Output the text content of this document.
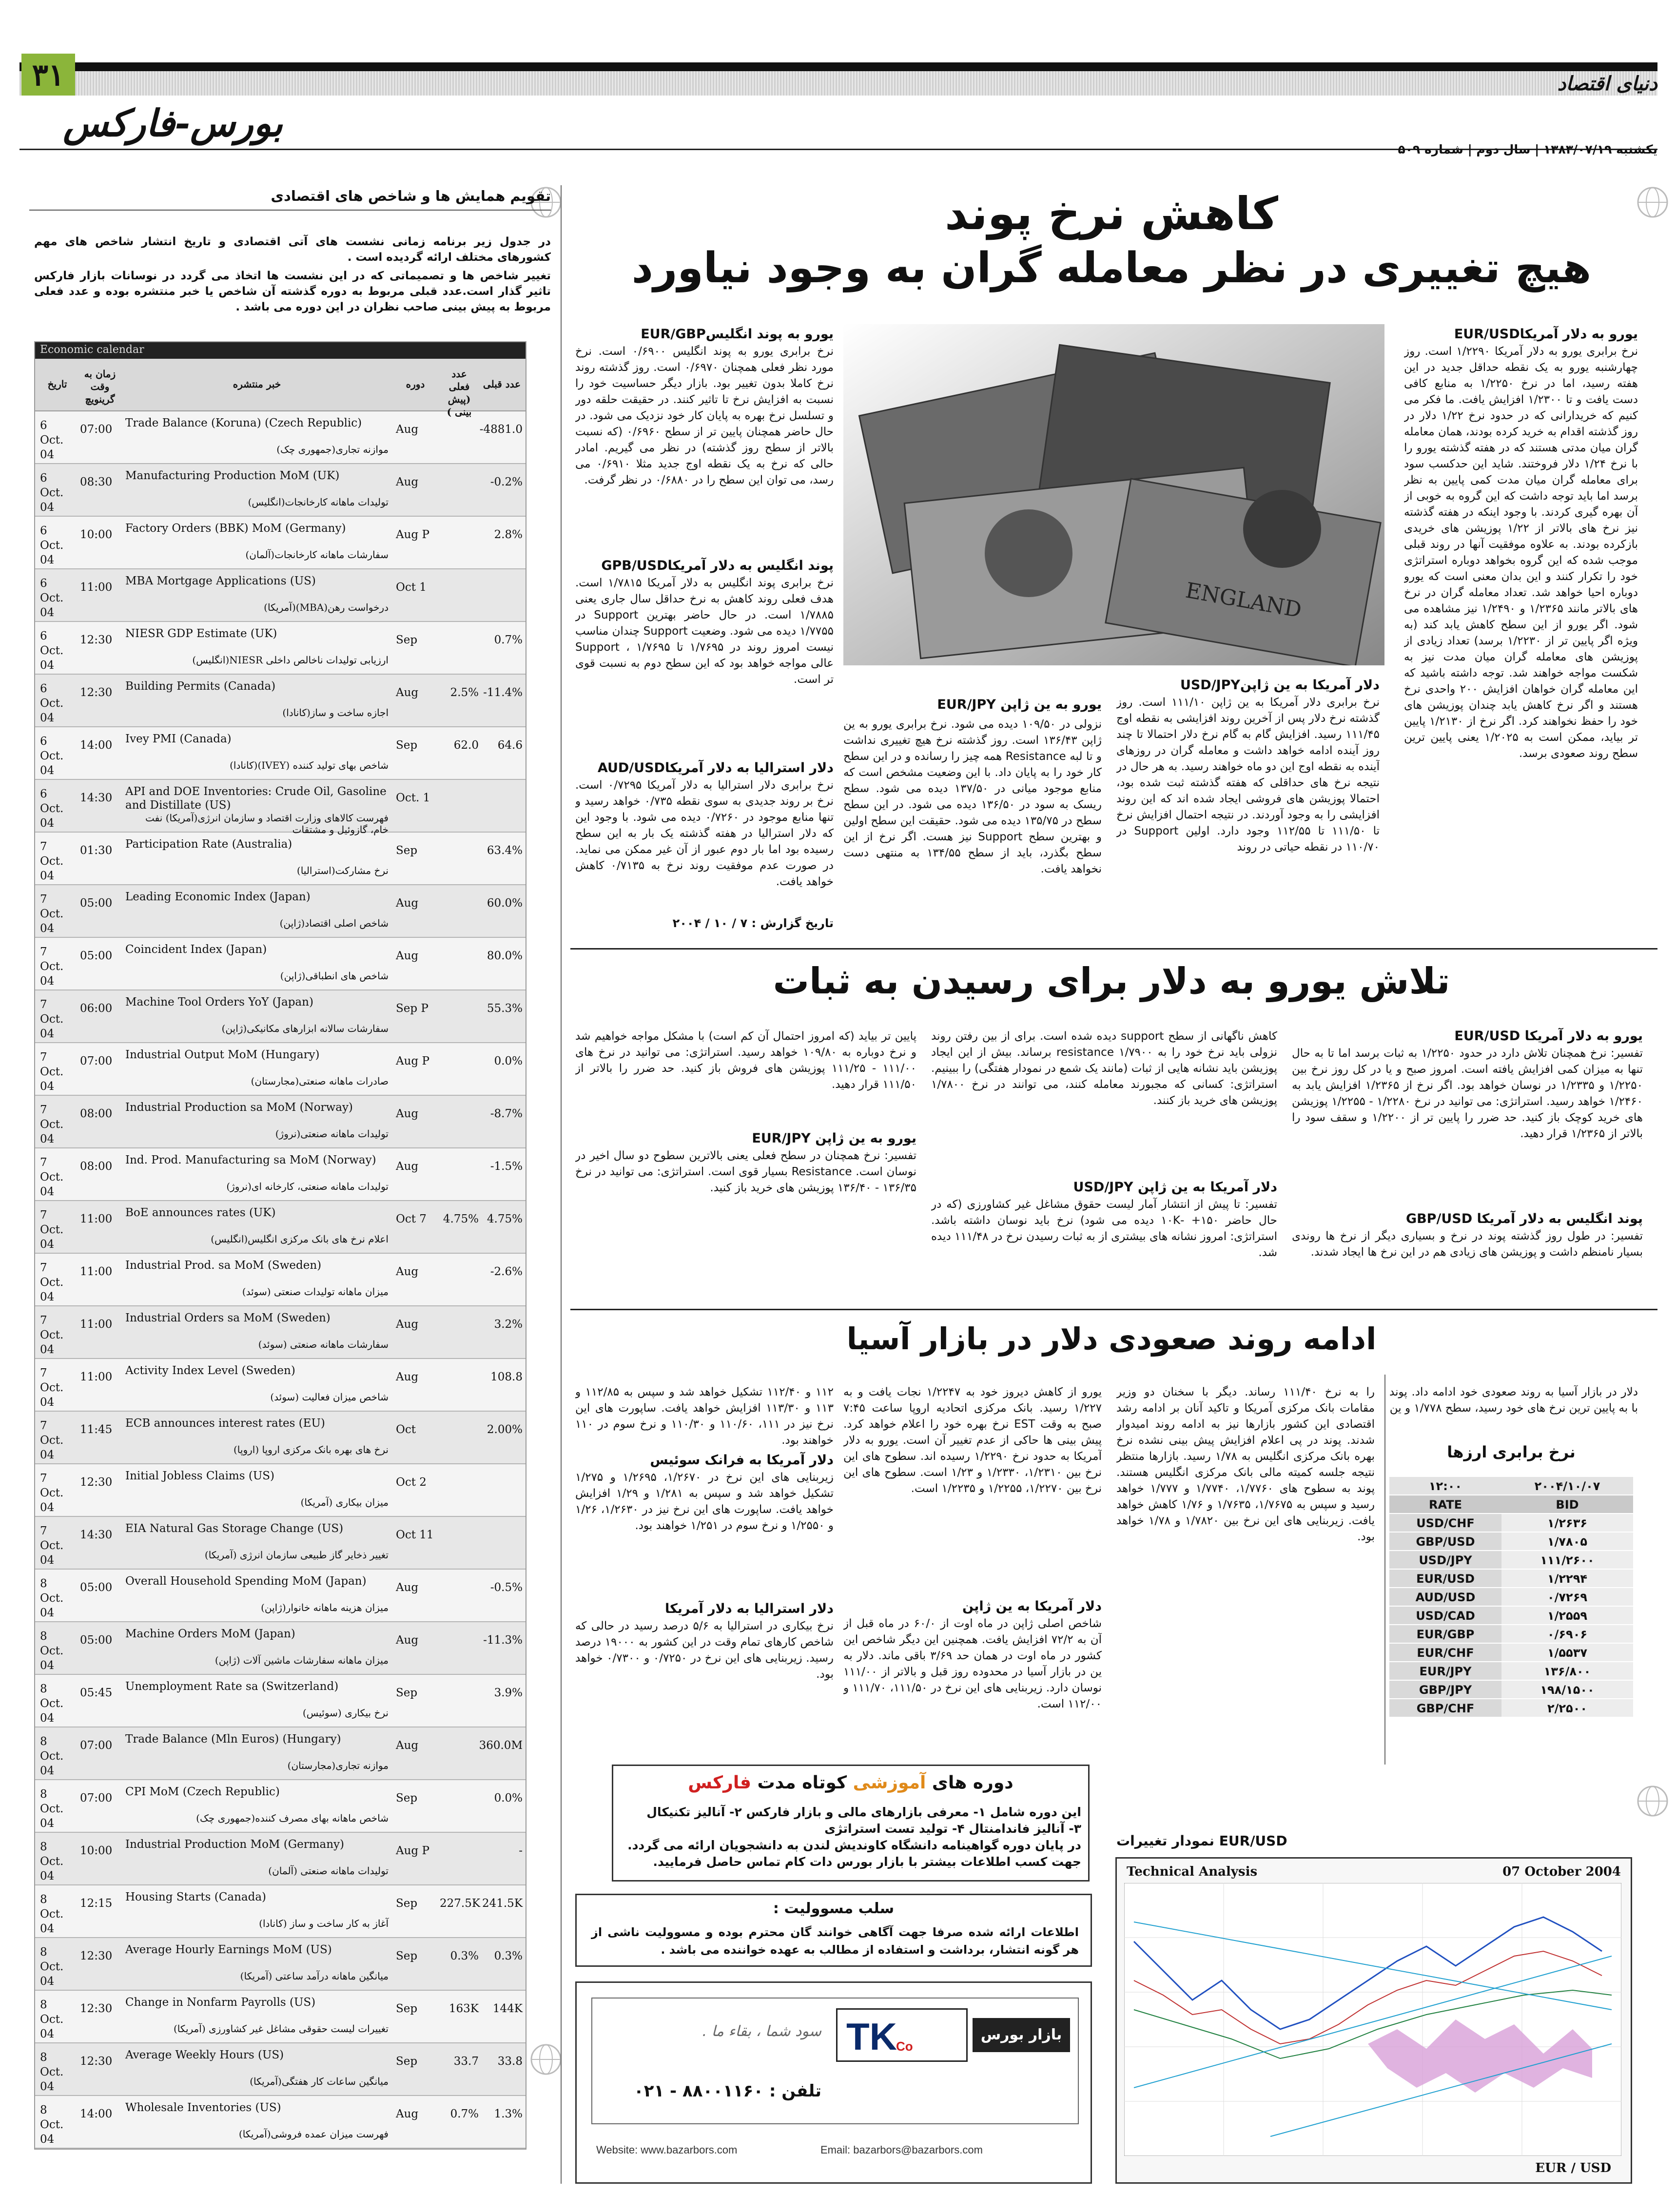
۳۱	دنیای اقتصاد
بورس-فارکس
یکشنبه ۱۳۸۳/۰۷/۱۹ | سال دوم | شماره ۵۰۹
تقویم همایش ها و شاخص های اقتصادی
در جدول زیر برنامه زمانی نشست های آتی اقتصادی و تاریخ انتشار شاخص های مهم کشورهای مختلف ارائه گردیده است .
تغییر شاخص ها و تصمیماتی که در این نشست ها اتخاذ می گردد در نوسانات بازار فارکس تاثیر گذار است.عدد قبلی مربوط به دوره گذشته آن شاخص یا خبر منتشره بوده و عدد فعلی مربوط به پیش بینی صاحب نظران در این دوره می باشد .
Economic calendar
تاریخ
زمان به وقت گرینویچ
خبر منتشره	دوره
عدد فعلی (پیش بینی )
عدد قبلی
6 Oct. 04
07:00	Trade Balance (Koruna) (Czech Republic)	Aug	-4881.0
موازنه تجاری(جمهوری چک)
6 Oct. 04
08:30	Manufacturing Production MoM (UK)	Aug	-0.2%
تولیدات ماهانه کارخانجات(انگلیس)
6 Oct. 04
10:00	Factory Orders (BBK) MoM (Germany)	Aug P	2.8%
سفارشات ماهانه کارخانجات(آلمان)
6 Oct. 04
11:00	MBA Mortgage Applications (US)	Oct 1
درخواست رهن(MBA)(آمریکا)
6 Oct. 04
12:30	NIESR GDP Estimate (UK)	Sep	0.7%
ارزیابی تولیدات ناخالص داخلی NIESR(انگلیس)
6 Oct. 04
12:30	Building Permits (Canada)	Aug	2.5% -11.4%
اجازه ساخت و ساز(کانادا)
6 Oct. 04
14:00	Ivey PMI (Canada)	Sep	62.0	64.6
شاخص بهای تولید کننده (IVEY)(کانادا)
6 Oct. 04
14:30	API and DOE Inventories: Crude Oil, Gasoline and Distillate (US)
Oct. 1
فهرست کالاهای وزارت اقتصاد و سازمان انرژی(آمریکا) نفت خام، گازوئیل و مشتقات
7 Oct. 04
01:30	Participation Rate (Australia)	Sep	63.4%
نرخ مشارکت(استرالیا)
7 Oct. 04
05:00	Leading Economic Index (Japan)	Aug	60.0%
شاخص اصلی اقتصاد(ژاپن)
7 Oct. 04
05:00	Coincident Index (Japan)	Aug	80.0%
شاخص های انطباقی(ژاپن)
7 Oct. 04
06:00	Machine Tool Orders YoY (Japan)	Sep P	55.3%
سفارشات سالانه ابزارهای مکانیکی(ژاپن)
7 Oct. 04
07:00	Industrial Output MoM (Hungary)	Aug P	0.0%
صادرات ماهانه صنعتی(مجارستان)
7 Oct. 04
08:00	Industrial Production sa MoM (Norway)	Aug	-8.7%
تولیدات ماهانه صنعتی(نروژ)
7 Oct. 04
08:00	Ind. Prod. Manufacturing sa MoM (Norway)	Aug	-1.5%
تولیدات ماهانه صنعتی، کارخانه ای(نروژ)
7 Oct. 04
11:00	BoE announces rates (UK)	Oct 7	4.75% 4.75%
اعلام نرخ های بانک مرکزی انگلیس(انگلیس)
7 Oct. 04
11:00	Industrial Prod. sa MoM (Sweden)	Aug	-2.6%
میزان ماهانه تولیدات صنعتی (سوئد)
7 Oct. 04
11:00	Industrial Orders sa MoM (Sweden)	Aug	3.2%
سفارشات ماهانه صنعتی (سوئد)
7 Oct. 04
11:00	Activity Index Level (Sweden)	Aug	108.8
شاخص میزان فعالیت (سوئد)
7 Oct. 04
11:45	ECB announces interest rates (EU)	Oct	2.00%
نرخ های بهره بانک مرکزی اروپا (اروپا)
7 Oct. 04
12:30	Initial Jobless Claims (US)	Oct 2
میزان بیکاری (آمریکا)
7 Oct. 04
14:30	EIA Natural Gas Storage Change (US)	Oct 11
تغییر ذخایر گاز طبیعی سازمان انرژی (آمریکا)
8 Oct. 04
05:00	Overall Household Spending MoM (Japan)	Aug	-0.5%
میزان هزینه ماهانه خانوار(ژاپن)
8 Oct. 04
05:00	Machine Orders MoM (Japan)	Aug	-11.3%
میزان ماهانه سفارشات ماشین آلات (ژاپن)
8 Oct. 04
05:45	Unemployment Rate sa (Switzerland)	Sep	3.9%
نرخ بیکاری (سوئیس)
8 Oct. 04
07:00	Trade Balance (Mln Euros) (Hungary)	Aug	360.0M
موازنه تجاری(مجارستان)
8 Oct. 04
07:00	CPI MoM (Czech Republic)	Sep	0.0%
شاخص ماهانه بهای مصرف کننده(جمهوری چک)
8 Oct. 04
10:00	Industrial Production MoM (Germany)	Aug P	-
تولیدات ماهانه صنعتی (آلمان)
8 Oct. 04
12:15	Housing Starts (Canada)	Sep	227.5K 241.5K
آغاز به کار ساخت و ساز (کانادا)
8 Oct. 04
12:30	Average Hourly Earnings MoM (US)	Sep	0.3%	0.3%
میانگین ماهانه درآمد ساعتی (آمریکا)
8 Oct. 04
12:30	Change in Nonfarm Payrolls (US)	Sep	163K	144K
تغییرات لیست حقوقی مشاغل غیر کشاورزی (آمریکا)
8 Oct. 04
12:30	Average Weekly Hours (US)	Sep	33.7	33.8
میانگین ساعات کار هفتگی(آمریکا)
8 Oct. 04
14:00	Wholesale Inventories (US)	Aug	0.7%	1.3%
فهرست میزان عمده فروشی(آمریکا)
کاهش نرخ پوند
هیچ تغییری در نظر معامله گران به وجود نیاورد
ENGLAND
یورو به دلار آمریکاEUR/USD
نرخ برابری یورو به دلار آمریکا ۱/۲۲۹۰ است. روز چهارشنبه یورو به یک نقطه حداقل جدید در این هفته رسید، اما در نرخ ۱/۲۲۵۰ به منابع کافی دست یافت و تا ۱/۲۳۰۰ افزایش یافت. ما فکر می کنیم که خریدارانی که در حدود نرخ ۱/۲۲ دلار در روز گذشته اقدام به خرید کرده بودند، همان معامله گران میان مدتی هستند که در هفته گذشته یورو را با نرخ ۱/۲۴ دلار فروختند. شاید این حدکسب سود برای معامله گران میان مدت کمی پایین به نظر برسد اما باید توجه داشت که این گروه به خوبی از آن بهره گیری کردند. با وجود اینکه در هفته گذشته نیز نرخ های بالاتر از ۱/۲۲ پوزیشن های خریدی بازکرده بودند. به علاوه موفقیت آنها در روند قبلی موجب شده که این گروه بخواهد دوباره استراتژی خود را تکرار کنند و این بدان معنی است که یورو دوباره احیا خواهد شد. تعداد معامله گران در نرخ های بالاتر مانند ۱/۲۳۶۵ و ۱/۲۴۹۰ نیز مشاهده می شود. اگر یورو از این سطح کاهش یابد کند (به ویژه اگر پایین تر از ۱/۲۲۳۰ برسد) تعداد زیادی از پوزیشن های معامله گران میان مدت نیز به شکست مواجه خواهند شد. توجه داشته باشید که این معامله گران خواهان افزایش ۲۰۰ واحدی نرخ هستند و اگر نرخ کاهش یابد چندان پوزیشن های خود را حفظ نخواهند کرد. اگر نرخ از ۱/۲۱۳۰ پایین تر بیاید، ممکن است به ۱/۲۰۲۵ یعنی پایین ترین سطح روند صعودی برسد.
دلار آمریکا به ین ژاپنUSD/JPY
نرخ برابری دلار آمریکا به ین ژاپن ۱۱۱/۱۰ است. روز گذشته نرخ دلار پس از آخرین روند افزایشی به نقطه اوج ۱۱۱/۴۵ رسید. افزایش گام به گام نرخ دلار احتمالا تا چند روز آینده ادامه خواهد داشت و معامله گران در روزهای آینده به نقطه اوج این دو ماه خواهند رسید. به هر حال در نتیجه نرخ های حداقلی که هفته گذشته ثبت شده بود، احتمالا پوزیشن های فروشی ایجاد شده اند که این روند افزایشی را به وجود آوردند. در نتیجه احتمال افزایش نرخ تا ۱۱۱/۵۰ تا ۱۱۲/۵۵ وجود دارد. اولین Support در ۱۱۰/۷۰ در نقطه حیاتی در روند
یورو به ین ژاپن EUR/JPY
نزولی در ۱۰۹/۵۰ دیده می شود. نرخ برابری یورو به ین ژاپن ۱۳۶/۴۳ است. روز گذشته نرخ هیچ تغییری نداشت و تا لبه Resistance همه چیز را رسانده و در این سطح کار خود را به پایان داد. با این وضعیت مشخص است که منابع موجود میانی در ۱۳۷/۵۰ دیده می شود. سطح ریسک به سود در ۱۳۶/۵۰ دیده می شود. در این سطح سطح در ۱۳۵/۷۵ دیده می شود. حقیقت این سطح اولین و بهترین سطح Support نیز هست. اگر نرخ از این سطح بگذرد، باید از سطح ۱۳۴/۵۵ به منتهی دست نخواهد یافت.
یورو به پوند انگلیسEUR/GBP
نرخ برابری یورو به پوند انگلیس ۰/۶۹۰۰ است. نرخ مورد نظر فعلی همچنان ۰/۶۹۷۰ است. روز گذشته روند نرخ کاملا بدون تغییر بود. بازار دیگر حساسیت خود را نسبت به افزایش نرخ تا تاثیر کنند. در حقیقت حلقه دور و تسلسل نرخ بهره به پایان کار خود نزدیک می شود. در حال حاضر همچنان پایین تر از سطح ۰/۶۹۶۰ (که نسبت بالاتر از سطح روز گذشته) در نظر می گیریم. امادر حالی که نرخ به یک نقطه اوج جدید مثلا ۰/۶۹۱۰ می رسد، می توان این سطح را در ۰/۶۸۸۰ در نظر گرفت.
پوند انگلیس به دلار آمریکاGPB/USD
نرخ برابری پوند انگلیس به دلار آمریکا ۱/۷۸۱۵ است. هدف فعلی روند کاهش به نرخ حداقل سال جاری یعنی ۱/۷۸۸۵ است. در حال حاضر بهترین Support در ۱/۷۷۵۵ دیده می شود. وضعیت Support چندان مناسب نیست امروز روند در ۱/۷۶۹۵ تا ۱/۷۶۹۵ ، Support عالی مواجه خواهد بود که این سطح دوم به نسبت قوی تر است.
دلار استرالیا به دلار آمریکاAUD/USD
نرخ برابری دلار استرالیا به دلار آمریکا ۰/۷۲۹۵ است. نرخ بر روند جدیدی به سوی نقطه ۰/۷۳۵ خواهد رسید و تنها منابع موجود در ۰/۷۲۶۰ دیده می شود. با وجود این که دلار استرالیا در هفته گذشته یک بار به این سطح رسیده بود اما بار دوم عبور از آن غیر ممکن می نماید. در صورت عدم موفقیت روند نرخ به ۰/۷۱۳۵ کاهش خواهد یافت.
تاریخ گزارش : ۷ / ۱۰ / ۲۰۰۴
تلاش یورو به دلار برای رسیدن به ثبات
یورو به دلار آمریکا EUR/USD
تفسیر: نرخ همچنان تلاش دارد در حدود ۱/۲۲۵۰ به ثبات برسد اما تا به حال تنها به میزان کمی افزایش یافته است. امروز صبح و یا در کل روز نرخ بین ۱/۲۲۵۰ و ۱/۲۳۳۵ در نوسان خواهد بود. اگر نرخ از ۱/۲۳۶۵ افزایش یابد به ۱/۲۴۶۰ خواهد رسید. استراتژی: می توانید در نرخ ۱/۲۲۸۰ - ۱/۲۲۵۵ پوزیشن های خرید کوچک باز کنید. حد ضرر را پایین تر از ۱/۲۲۰۰ و سقف سود را بالاتر از ۱/۲۳۶۵ قرار دهید.
پوند انگلیس به دلار آمریکا GBP/USD
تفسیر: در طول روز گذشته پوند در نرخ و بسیاری دیگر از نرخ ها روندی بسیار نامنظم داشت و پوزیشن های زیادی هم در این نرخ ها ایجاد شدند.
کاهش ناگهانی از سطح support دیده شده است. برای از بین رفتن روند نزولی باید نرخ خود را به ۱/۷۹۰۰ resistance برساند. بیش از این ایجاد پوزیشن باید نشانه هایی از ثبات (مانند یک شمع در نمودار هفتگی) را ببینیم. استراتژی: کسانی که مجبورند معامله کنند، می توانند در نرخ ۱/۷۸۰۰ پوزیشن های خرید باز کنند.
دلار آمریکا به ین ژاپن USD/JPY
تفسیر: تا پیش از انتشار آمار لیست حقوق مشاغل غیر کشاورزی (که در حال حاضر ۱۵۰+ -۱۰K دیده می شود) نرخ باید نوسان داشته باشد. استراتژی: امروز نشانه های بیشتری از به ثبات رسیدن نرخ در ۱۱۱/۴۸ دیده شد.
پایین تر بیاید (که امروز احتمال آن کم است) با مشکل مواجه خواهیم شد و نرخ دوباره به ۱۰۹/۸۰ خواهد رسید. استراتژی: می توانید در نرخ های ۱۱۱/۰۰ - ۱۱۱/۲۵ پوزیشن های فروش باز کنید. حد ضرر را بالاتر از ۱۱۱/۵۰ قرار دهید.
یورو به ین ژاپن EUR/JPY
تفسیر: نرخ همچنان در سطح فعلی یعنی بالاترین سطوح دو سال اخیر در نوسان است. Resistance بسیار قوی است. استراتژی: می توانید در نرخ ۱۳۶/۳۵ - ۱۳۶/۴۰ پوزیشن های خرید باز کنید.
ادامه روند صعودی دلار در بازار آسیا
دلار در بازار آسیا به روند صعودی خود ادامه داد. پوند با به پایین ترین نرخ های خود رسید، سطح ۱/۷۷۸ و ین
را به نرخ ۱۱۱/۴۰ رساند. دیگر با سخنان دو وزیر مقامات بانک مرکزی آمریکا و تاکید آنان بر ادامه رشد اقتصادی این کشور بازارها نیز به ادامه روند امیدوار شدند. پوند در پی اعلام افزایش پیش بینی نشده نرخ بهره بانک مرکزی انگلیس به ۱/۷۸ رسید. بازارها منتظر نتیجه جلسه کمیته مالی بانک مرکزی انگلیس هستند. پوند به سطوح های ۱/۷۷۶۰، ۱/۷۷۴۰ و ۱/۷۷۷ خواهد رسید و سپس به ۱/۷۶۷۵، ۱/۷۶۳۵ و ۱/۷۶ کاهش خواهد یافت. زیربنایی های این نرخ بین ۱/۷۸۲۰ و ۱/۷۸ خواهد بود.
یورو از کاهش دیروز خود به ۱/۲۲۴۷ نجات یافت و به ۱/۲۲۷ رسید. بانک مرکزی اتحادیه اروپا ساعت ۷:۴۵ صبح به وقت EST نرخ بهره خود را اعلام خواهد کرد. پیش بینی ها حاکی از عدم تغییر آن است. یورو به دلار آمریکا به حدود نرخ ۱/۲۲۹۰ رسیده اند. سطوح های این نرخ بین ۱/۲۳۱۰، ۱/۲۳۳۰ و ۱/۲۳ است. سطوح های این نرخ بین ۱/۲۲۷۰، ۱/۲۲۵۵ و ۱/۲۲۳۵ است.
دلار آمریکا به ین ژاپن
شاخص اصلی ژاپن در ماه اوت از ۶۰/۰ در ماه قبل از آن به ۷۲/۲ افزایش یافت. همچنین این دیگر شاخص این کشور در ماه اوت در همان حد ۳/۶۹ باقی ماند. دلار به ین در بازار آسیا در محدوده روز قبل و بالاتر از ۱۱۱/۰۰ نوسان دارد. زیربنایی های این نرخ در ۱۱۱/۵۰، ۱۱۱/۷۰ و ۱۱۲/۰۰ است.
۱۱۲ و ۱۱۲/۴۰ تشکیل خواهد شد و سپس به ۱۱۲/۸۵ و ۱۱۳ و ۱۱۳/۳۰ افزایش خواهد یافت. ساپورت های این نرخ نیز در ۱۱۱، ۱۱۰/۶۰ و ۱۱۰/۳۰ و نرخ سوم در ۱۱۰ خواهند بود.
دلار آمریکا به فرانک سوئیس
زیربنایی های این نرخ در ۱/۲۶۷۰، ۱/۲۶۹۵ و ۱/۲۷۵ تشکیل خواهد شد و سپس به ۱/۲۸۱ و ۱/۲۹ افزایش خواهد یافت. ساپورت های این نرخ نیز در ۱/۲۶۳۰، ۱/۲۶ و ۱/۲۵۵۰ و نرخ سوم در ۱/۲۵۱ خواهند بود.
دلار استرالیا به دلار آمریکا
نرخ بیکاری در استرالیا به ۵/۶ درصد رسید در حالی که شاخص کارهای تمام وقت در این کشور به ۱۹۰۰۰ درصد رسید. زیربنایی های این نرخ در ۰/۷۲۵۰ و ۰/۷۳۰۰ خواهد بود.
نرخ برابری ارزها
۱۲:۰۰	۲۰۰۴/۱۰/۰۷
RATE	BID
USD/CHF	۱/۲۶۳۶
GBP/USD	۱/۷۸۰۵
USD/JPY	۱۱۱/۲۶۰۰
EUR/USD	۱/۲۲۹۴
AUD/USD	۰/۷۲۶۹
USD/CAD	۱/۲۵۵۹
EUR/GBP	۰/۶۹۰۶
EUR/CHF	۱/۵۵۳۷
EUR/JPY	۱۳۶/۸۰۰
GBP/JPY	۱۹۸/۱۵۰۰
GBP/CHF	۲/۲۵۰۰
نمودار تغییرات EUR/USD
Technical Analysis	07 October 2004
EUR / USD
دوره های آموزشی کوتاه مدت فارکس
این دوره شامل ۱- معرفی بازارهای مالی و بازار فارکس ۲- آنالیز تکنیکال
۳- آنالیز فاندامنتال ۴- تولید تست استراتژی
در پایان دوره گواهینامه دانشگاه کاوندیش لندن به دانشجویان ارائه می گردد.
جهت کسب اطلاعات بیشتر با بازار بورس دات کام تماس حاصل فرمایید.
سلب مسوولیت :
اطلاعات ارائه شده صرفا جهت آگاهی خوانند گان محترم بوده و مسوولیت ناشی از هر گونه انتشار، برداشت و استفاده از مطالب به عهده خواننده می باشد .
TK
Co
بازار بورس دات کام
سود شما ، بقاء ما .
تلفن : ۸۸۰۰۱۱۶۰ - ۰۲۱
Website: www.bazarbors.com	Email: bazarbors@bazarbors.com
